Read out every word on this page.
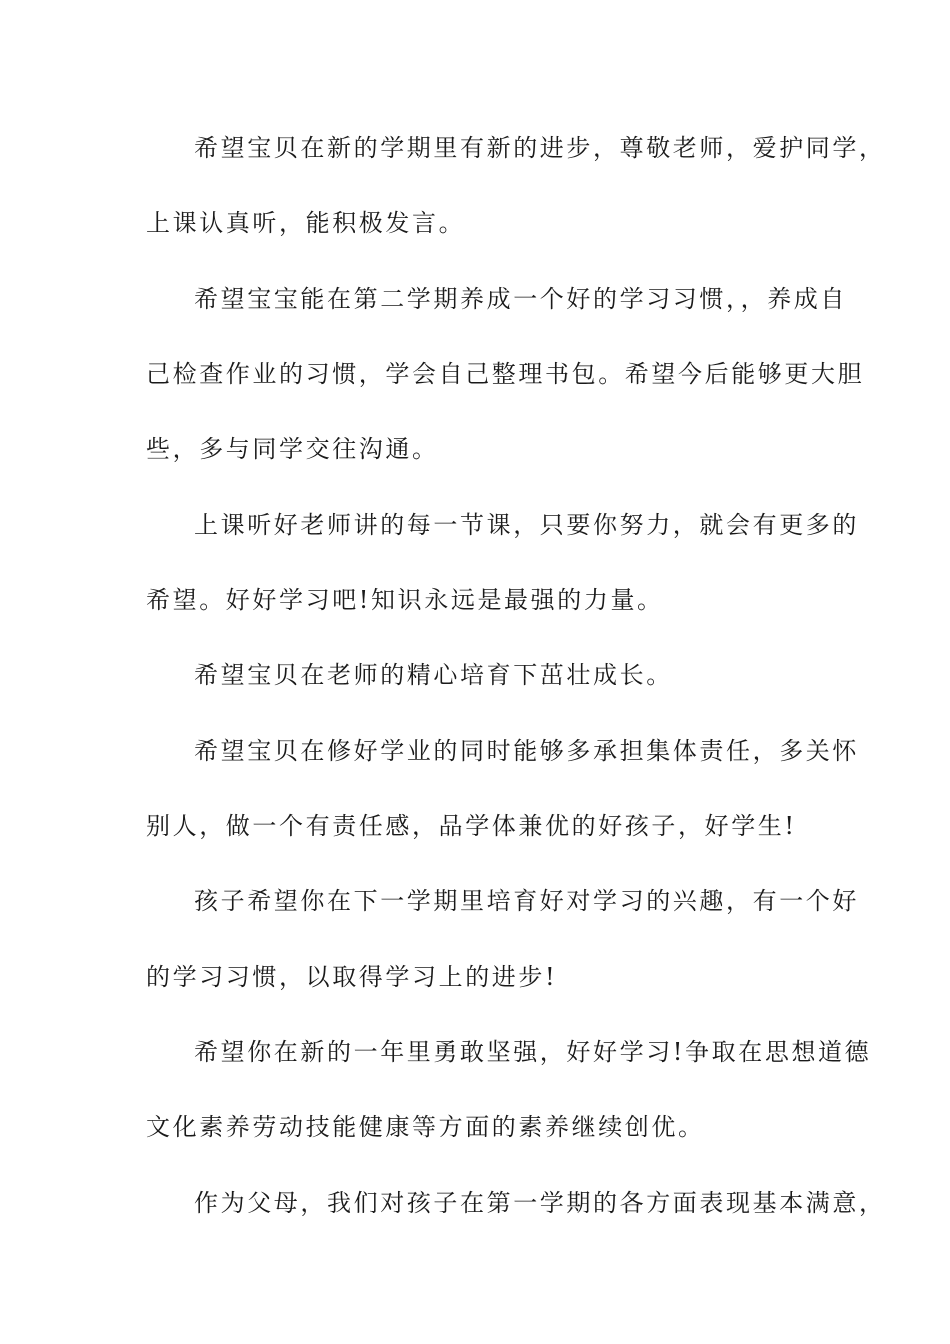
希望宝贝在新的学期里有新的进步，尊敬老师，爱护同学，
上课认真听，能积极发言。
希望宝宝能在第二学期养成一个好的学习习惯，，养成自
己检查作业的习惯，学会自己整理书包。希望今后能够更大胆
些，多与同学交往沟通。
上课听好老师讲的每一节课，只要你努力，就会有更多的
希望。好好学习吧!知识永远是最强的力量。
希望宝贝在老师的精心培育下茁壮成长。
希望宝贝在修好学业的同时能够多承担集体责任，多关怀
别人，做一个有责任感，品学体兼优的好孩子，好学生!
孩子希望你在下一学期里培育好对学习的兴趣，有一个好
的学习习惯，以取得学习上的进步!
希望你在新的一年里勇敢坚强，好好学习!争取在思想道德
文化素养劳动技能健康等方面的素养继续创优。
作为父母，我们对孩子在第一学期的各方面表现基本满意，
